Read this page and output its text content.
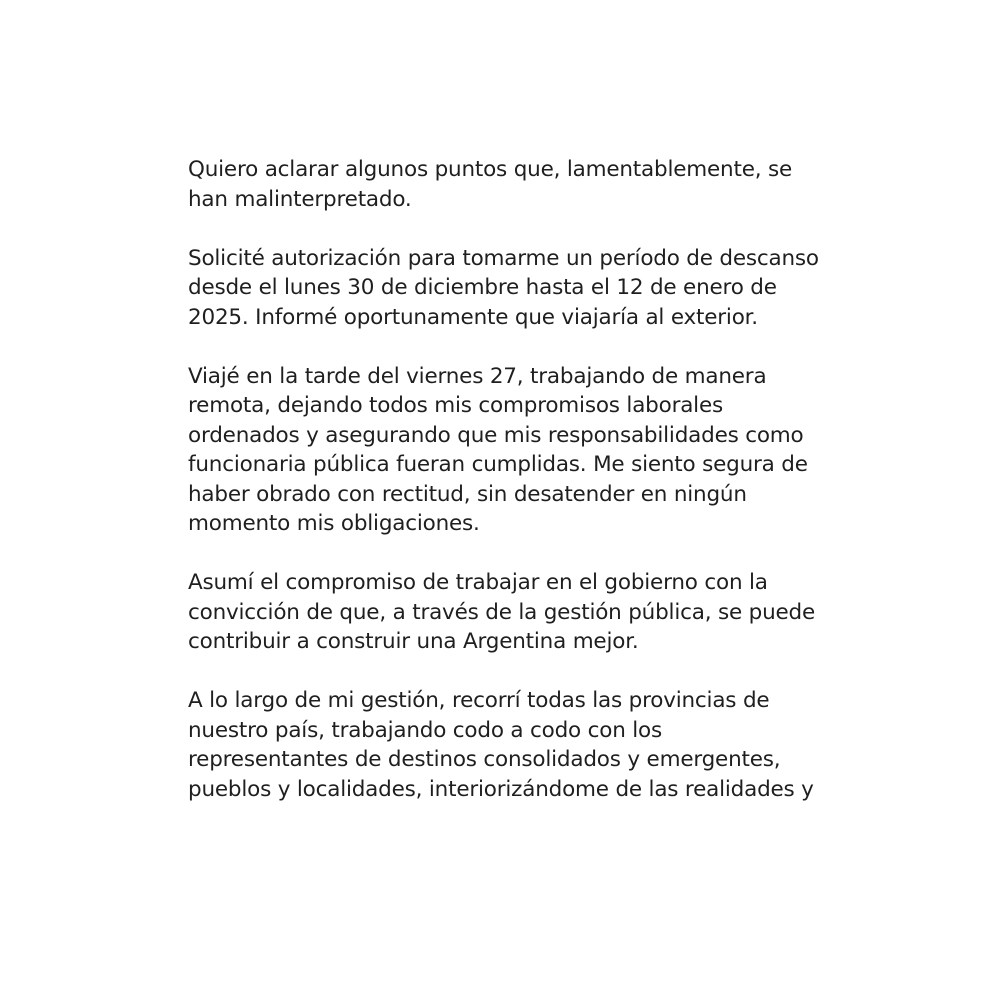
Quiero aclarar algunos puntos que, lamentablemente, se
han malinterpretado.

Solicité autorización para tomarme un período de descanso
desde el lunes 30 de diciembre hasta el 12 de enero de
2025. Informé oportunamente que viajaría al exterior.

Viajé en la tarde del viernes 27, trabajando de manera
remota, dejando todos mis compromisos laborales
ordenados y asegurando que mis responsabilidades como
funcionaria pública fueran cumplidas. Me siento segura de
haber obrado con rectitud, sin desatender en ningún
momento mis obligaciones.

Asumí el compromiso de trabajar en el gobierno con la
convicción de que, a través de la gestión pública, se puede
contribuir a construir una Argentina mejor.

A lo largo de mi gestión, recorrí todas las provincias de
nuestro país, trabajando codo a codo con los
representantes de destinos consolidados y emergentes,
pueblos y localidades, interiorizándome de las realidades y
